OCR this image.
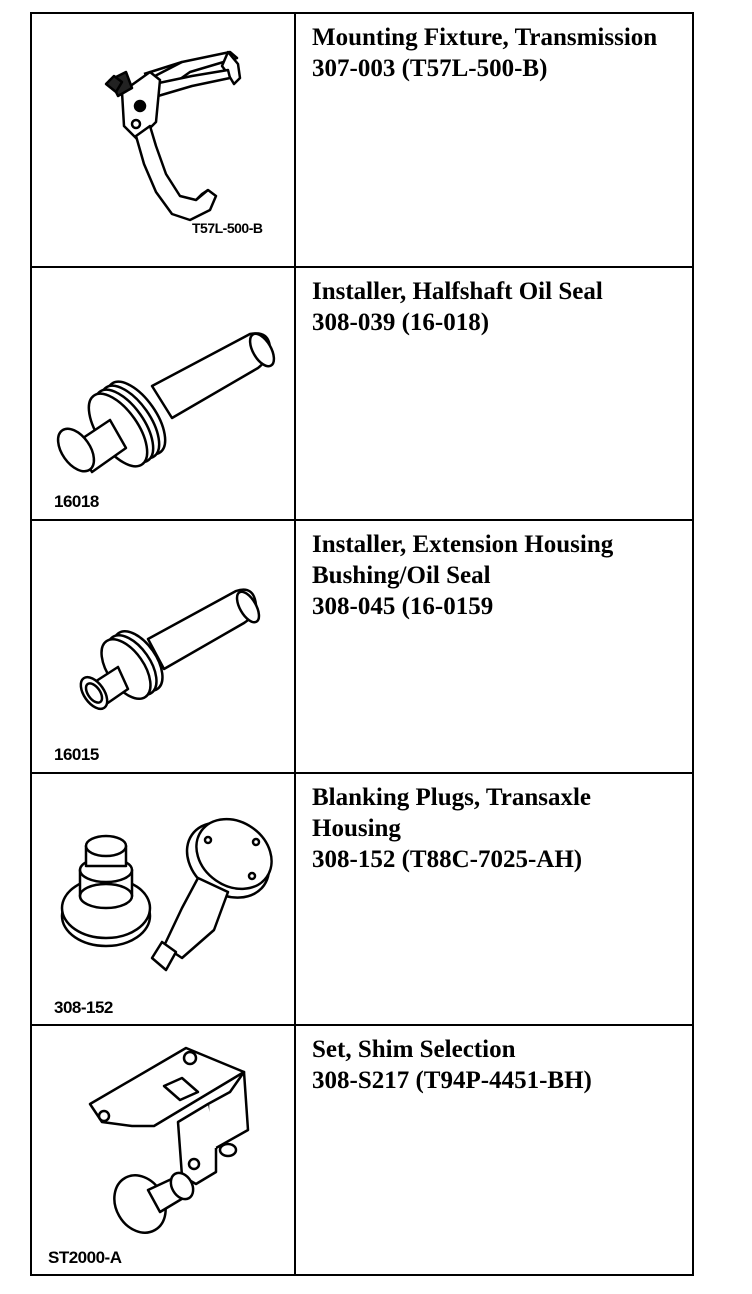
T57L-500-B
Mounting Fixture, Transmission
307-003 (T57L-500-B)
16018
Installer, Halfshaft Oil Seal
308-039 (16-018)
16015
Installer, Extension Housing
Bushing/Oil Seal
308-045 (16-0159
308-152
Blanking Plugs, Transaxle
Housing
308-152 (T88C-7025-AH)
ST2000-A
Set, Shim Selection
308-S217 (T94P-4451-BH)
